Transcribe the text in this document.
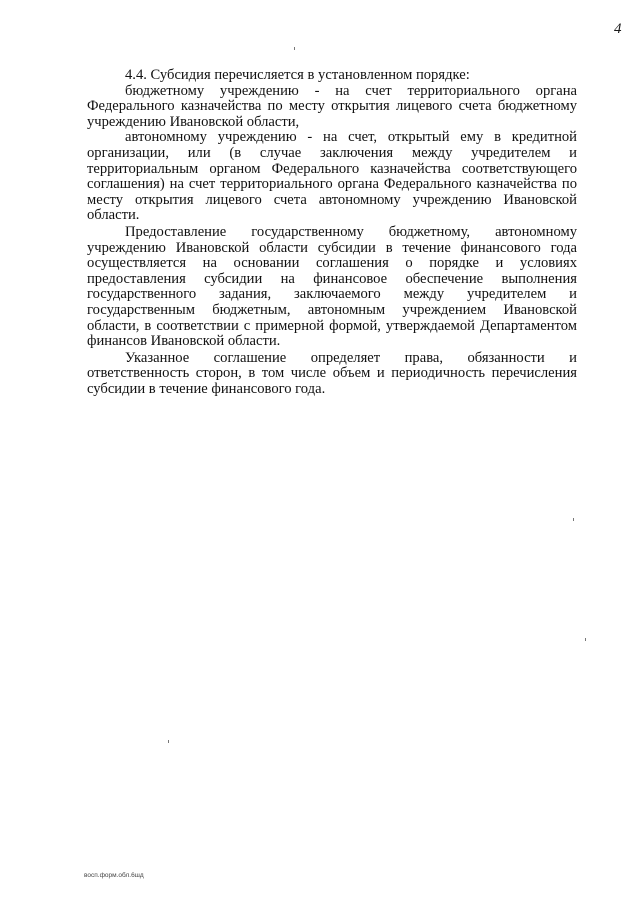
4

4.4. Субсидия перечисляется в установленном порядке:

бюджетному учреждению - на счет территориального органа Федерального казначейства по месту открытия лицевого счета бюджетному учреждению Ивановской области,

автономному учреждению - на счет, открытый ему в кредитной организации, или (в случае заключения между учредителем и территориальным органом Федерального казначейства соответствующего соглашения) на счет территориального органа Федерального казначейства по месту открытия лицевого счета автономному учреждению Ивановской области.

Предоставление государственному бюджетному, автономному учреждению Ивановской области субсидии в течение финансового года осуществляется на основании соглашения о порядке и условиях предоставления субсидии на финансовое обеспечение выполнения государственного задания, заключаемого между учредителем и государственным бюджетным, автономным учреждением Ивановской области, в соответствии с примерной формой, утверждаемой Департаментом финансов Ивановской области.

Указанное соглашение определяет права, обязанности и ответственность сторон, в том числе объем и периодичность перечисления субсидии в течение финансового года.

восп.форм.обл.6шд
